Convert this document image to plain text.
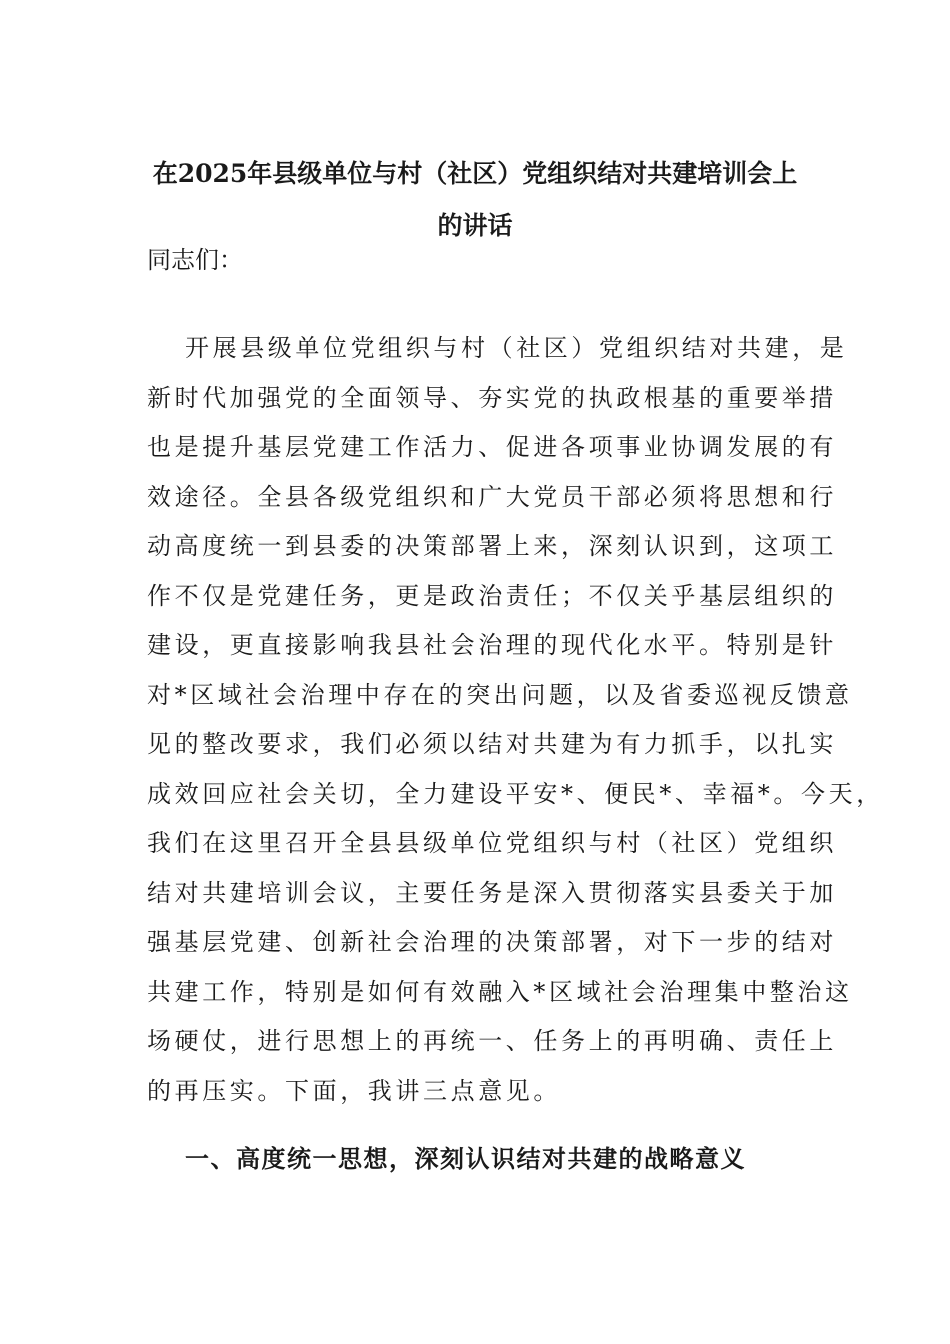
在2025年县级单位与村（社区）党组织结对共建培训会上
的讲话

同志们：

开展县级单位党组织与村（社区）党组织结对共建，是
新时代加强党的全面领导、夯实党的执政根基的重要举措
也是提升基层党建工作活力、促进各项事业协调发展的有
效途径。全县各级党组织和广大党员干部必须将思想和行
动高度统一到县委的决策部署上来，深刻认识到，这项工
作不仅是党建任务，更是政治责任；不仅关乎基层组织的
建设，更直接影响我县社会治理的现代化水平。特别是针
对*区域社会治理中存在的突出问题，以及省委巡视反馈意
见的整改要求，我们必须以结对共建为有力抓手，以扎实
成效回应社会关切，全力建设平安*、便民*、幸福*。今天，
我们在这里召开全县县级单位党组织与村（社区）党组织
结对共建培训会议，主要任务是深入贯彻落实县委关于加
强基层党建、创新社会治理的决策部署，对下一步的结对
共建工作，特别是如何有效融入*区域社会治理集中整治这
场硬仗，进行思想上的再统一、任务上的再明确、责任上
的再压实。下面，我讲三点意见。
一、高度统一思想，深刻认识结对共建的战略意义
